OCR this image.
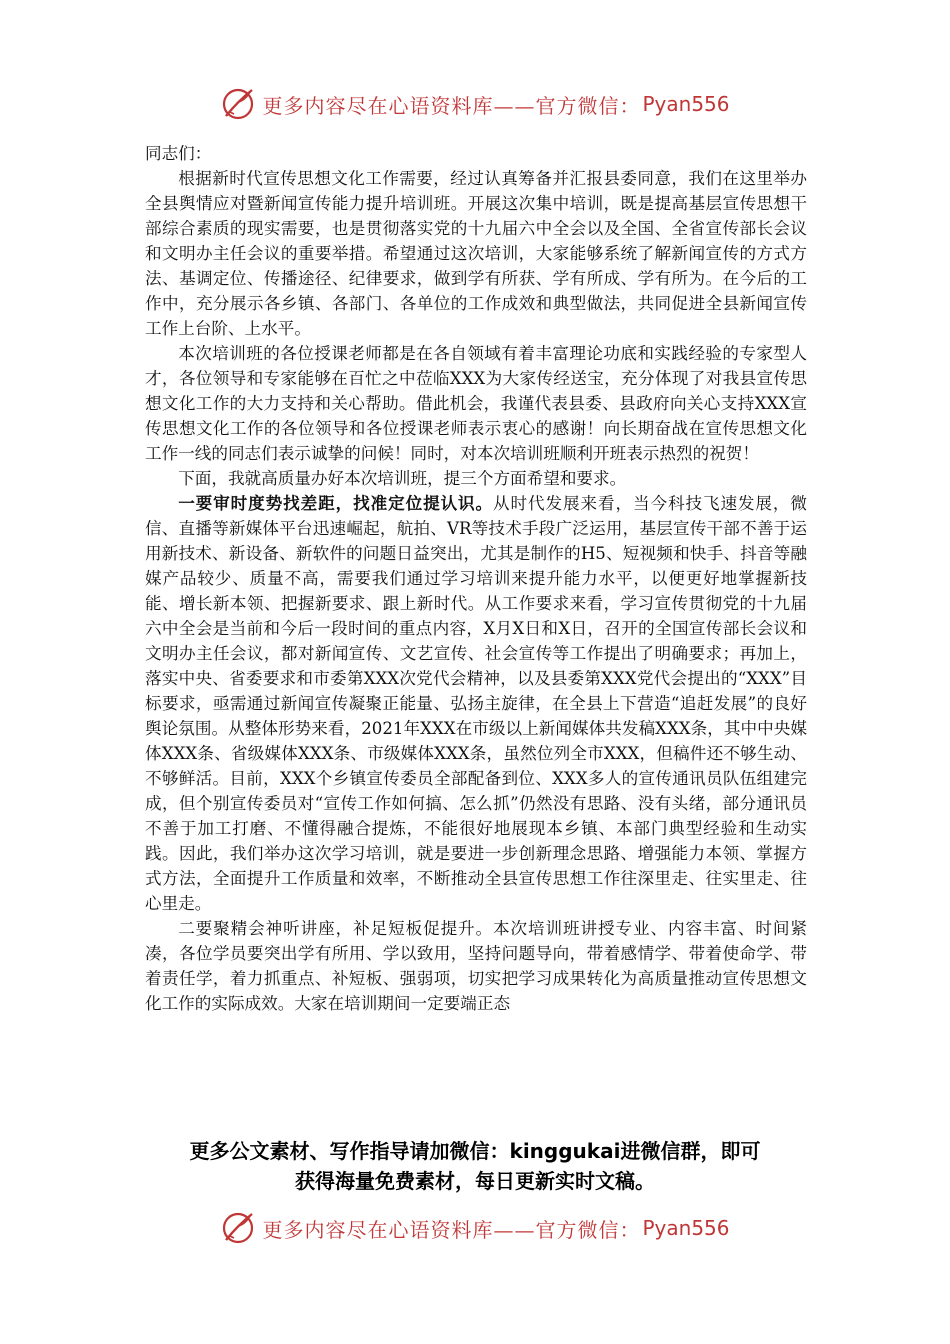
更多内容尽在心语资料库——官方微信： Pyan556

同志们：

根据新时代宣传思想文化工作需要，经过认真筹备并汇报县委同意，我们在这里举办全县舆情应对暨新闻宣传能力提升培训班。开展这次集中培训，既是提高基层宣传思想干部综合素质的现实需要，也是贯彻落实党的十九届六中全会以及全国、全省宣传部长会议和文明办主任会议的重要举措。希望通过这次培训，大家能够系统了解新闻宣传的方式方法、基调定位、传播途径、纪律要求，做到学有所获、学有所成、学有所为。在今后的工作中，充分展示各乡镇、各部门、各单位的工作成效和典型做法，共同促进全县新闻宣传工作上台阶、上水平。

本次培训班的各位授课老师都是在各自领域有着丰富理论功底和实践经验的专家型人才，各位领导和专家能够在百忙之中莅临XXX为大家传经送宝，充分体现了对我县宣传思想文化工作的大力支持和关心帮助。借此机会，我谨代表县委、县政府向关心支持XXX宣传思想文化工作的各位领导和各位授课老师表示衷心的感谢！向长期奋战在宣传思想文化工作一线的同志们表示诚挚的问候！同时，对本次培训班顺利开班表示热烈的祝贺！

下面，我就高质量办好本次培训班，提三个方面希望和要求。

一要审时度势找差距，找准定位提认识。从时代发展来看，当今科技飞速发展，微信、直播等新媒体平台迅速崛起，航拍、VR等技术手段广泛运用，基层宣传干部不善于运用新技术、新设备、新软件的问题日益突出，尤其是制作的H5、短视频和快手、抖音等融媒产品较少、质量不高，需要我们通过学习培训来提升能力水平，以便更好地掌握新技能、增长新本领、把握新要求、跟上新时代。从工作要求来看，学习宣传贯彻党的十九届六中全会是当前和今后一段时间的重点内容，X月X日和X日，召开的全国宣传部长会议和文明办主任会议，都对新闻宣传、文艺宣传、社会宣传等工作提出了明确要求；再加上，落实中央、省委要求和市委第XXX次党代会精神，以及县委第XXX党代会提出的“XXX”目标要求，亟需通过新闻宣传凝聚正能量、弘扬主旋律，在全县上下营造“追赶发展”的良好舆论氛围。从整体形势来看，2021年XXX在市级以上新闻媒体共发稿XXX条，其中中央媒体XXX条、省级媒体XXX条、市级媒体XXX条，虽然位列全市XXX，但稿件还不够生动、不够鲜活。目前，XXX个乡镇宣传委员全部配备到位、XXX多人的宣传通讯员队伍组建完成，但个别宣传委员对“宣传工作如何搞、怎么抓”仍然没有思路、没有头绪，部分通讯员不善于加工打磨、不懂得融合提炼，不能很好地展现本乡镇、本部门典型经验和生动实践。因此，我们举办这次学习培训，就是要进一步创新理念思路、增强能力本领、掌握方式方法，全面提升工作质量和效率，不断推动全县宣传思想工作往深里走、往实里走、往心里走。

二要聚精会神听讲座，补足短板促提升。本次培训班讲授专业、内容丰富、时间紧凑，各位学员要突出学有所用、学以致用，坚持问题导向，带着感情学、带着使命学、带着责任学，着力抓重点、补短板、强弱项，切实把学习成果转化为高质量推动宣传思想文化工作的实际成效。大家在培训期间一定要端正态

更多公文素材、写作指导请加微信：kinggukai进微信群，即可
获得海量免费素材，每日更新实时文稿。
更多内容尽在心语资料库——官方微信： Pyan556
